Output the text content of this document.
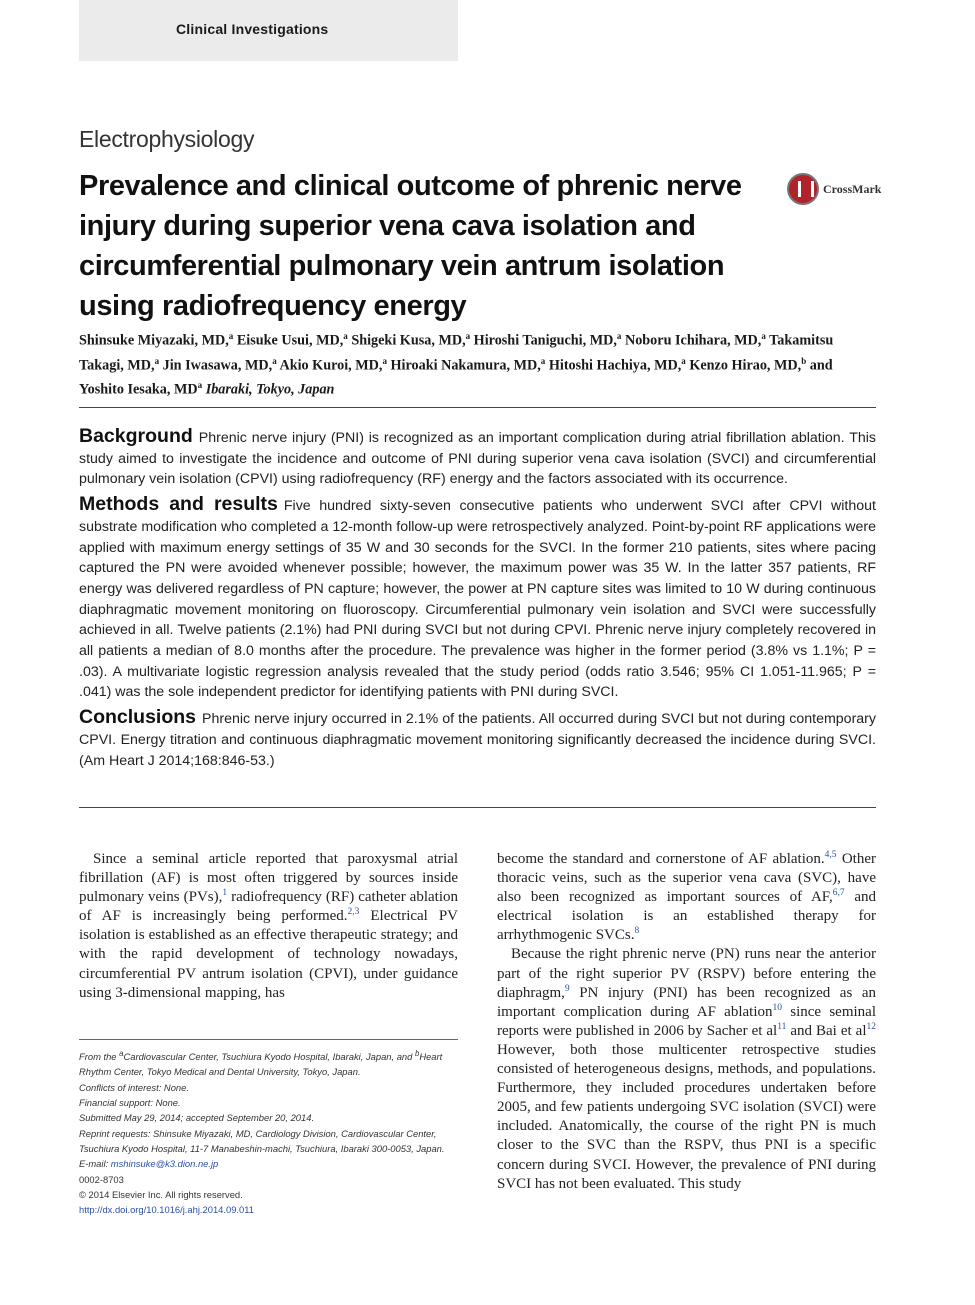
Clinical Investigations
Electrophysiology
Prevalence and clinical outcome of phrenic nerve injury during superior vena cava isolation and circumferential pulmonary vein antrum isolation using radiofrequency energy
CrossMark
Shinsuke Miyazaki, MD,$^a$ Eisuke Usui, MD,$^a$ Shigeki Kusa, MD,$^a$ Hiroshi Taniguchi, MD,$^a$ Noboru Ichihara, MD,$^a$ Takamitsu Takagi, MD,$^a$ Jin Iwasawa, MD,$^a$ Akio Kuroi, MD,$^a$ Hiroaki Nakamura, MD,$^a$ Hitoshi Hachiya, MD,$^a$ Kenzo Hirao, MD,$^b$ and Yoshito Iesaka, $MD^a$ Ibaraki, Tokyo, Japan

Background Phrenic nerve injury (PNI) is recognized as an important complication during atrial fibrillation ablation. This study aimed to investigate the incidence and outcome of PNI during superior vena cava isolation (SVCI) and circumferential pulmonary vein isolation (CPVI) using radiofrequency (RF) energy and the factors associated with its occurrence.

Methods and results Five hundred sixty-seven consecutive patients who underwent SVCI after CPVI without substrate modification who completed a 12-month follow-up were retrospectively analyzed. Point-by-point RF applications were applied with maximum energy settings of 35 W and 30 seconds for the SVCI. In the former 210 patients, sites where pacing captured the PN were avoided whenever possible; however, the maximum power was 35 W. In the latter 357 patients, RF energy was delivered regardless of PN capture; however, the power at PN capture sites was limited to 10 W during continuous diaphragmatic movement monitoring on fluoroscopy. Circumferential pulmonary vein isolation and SVCI were successfully achieved in all. Twelve patients (2.1%) had PNI during SVCI but not during CPVI. Phrenic nerve injury completely recovered in all patients a median of 8.0 months after the procedure. The prevalence was higher in the former period (3.8% vs 1.1%; P = .03). A multivariate logistic regression analysis revealed that the study period (odds ratio 3.546; 95% CI 1.051-11.965; P = .041) was the sole independent predictor for identifying patients with PNI during SVCI.

Conclusions Phrenic nerve injury occurred in 2.1% of the patients. All occurred during SVCI but not during contemporary CPVI. Energy titration and continuous diaphragmatic movement monitoring significantly decreased the incidence during SVCI. (Am Heart J 2014;168:846-53.)

Since a seminal article reported that paroxysmal atrial fibrillation (AF) is most often triggered by sources inside pulmonary veins (PVs),$^1$ radiofrequency (RF) catheter ablation of AF is increasingly being performed.$^{2,3}$ Electrical PV isolation is established as an effective therapeutic strategy; and with the rapid development of technology nowadays, circumferential PV antrum isolation (CPVI), under guidance using 3-dimensional mapping, has

become the standard and cornerstone of AF ablation.$^{4,5}$ Other thoracic veins, such as the superior vena cava (SVC), have also been recognized as important sources of AF,$^{6,7}$ and electrical isolation is an established therapy for arrhythmogenic SVCs.$^8$

Because the right phrenic nerve (PN) runs near the anterior part of the right superior PV (RSPV) before entering the diaphragm,$^9$ PN injury (PNI) has been recognized as an important complication during AF ablation$^{10}$ since seminal reports were published in 2006 by Sacher et $al^{11}$ and Bai et $al^{12}$ However, both those multicenter retrospective studies consisted of heterogeneous designs, methods, and populations. Furthermore, they included procedures undertaken before 2005, and few patients undergoing SVC isolation (SVCI) were included. Anatomically, the course of the right PN is much closer to the SVC than the RSPV, thus PNI is a specific concern during SVCI. However, the prevalence of PNI during SVCI has not been evaluated. This study

From the $^a$Cardiovascular Center, Tsuchiura Kyodo Hospital, Ibaraki, Japan, and $^b$Heart
Rhythm Center, Tokyo Medical and Dental University, Tokyo, Japan.
Conflicts of interest: None.
Financial support: None.
Submitted May 29, 2014; accepted September 20, 2014.
Reprint requests: Shinsuke Miyazaki, MD, Cardiology Division, Cardiovascular Center,
Tsuchiura Kyodo Hospital, 11-7 Manabeshin-machi, Tsuchiura, Ibaraki 300-0053, Japan.
E-mail: mshinsuke@k3.dion.ne.jp
0002-8703
© 2014 Elsevier Inc. All rights reserved.
http://dx.doi.org/10.1016/j.ahj.2014.09.011
